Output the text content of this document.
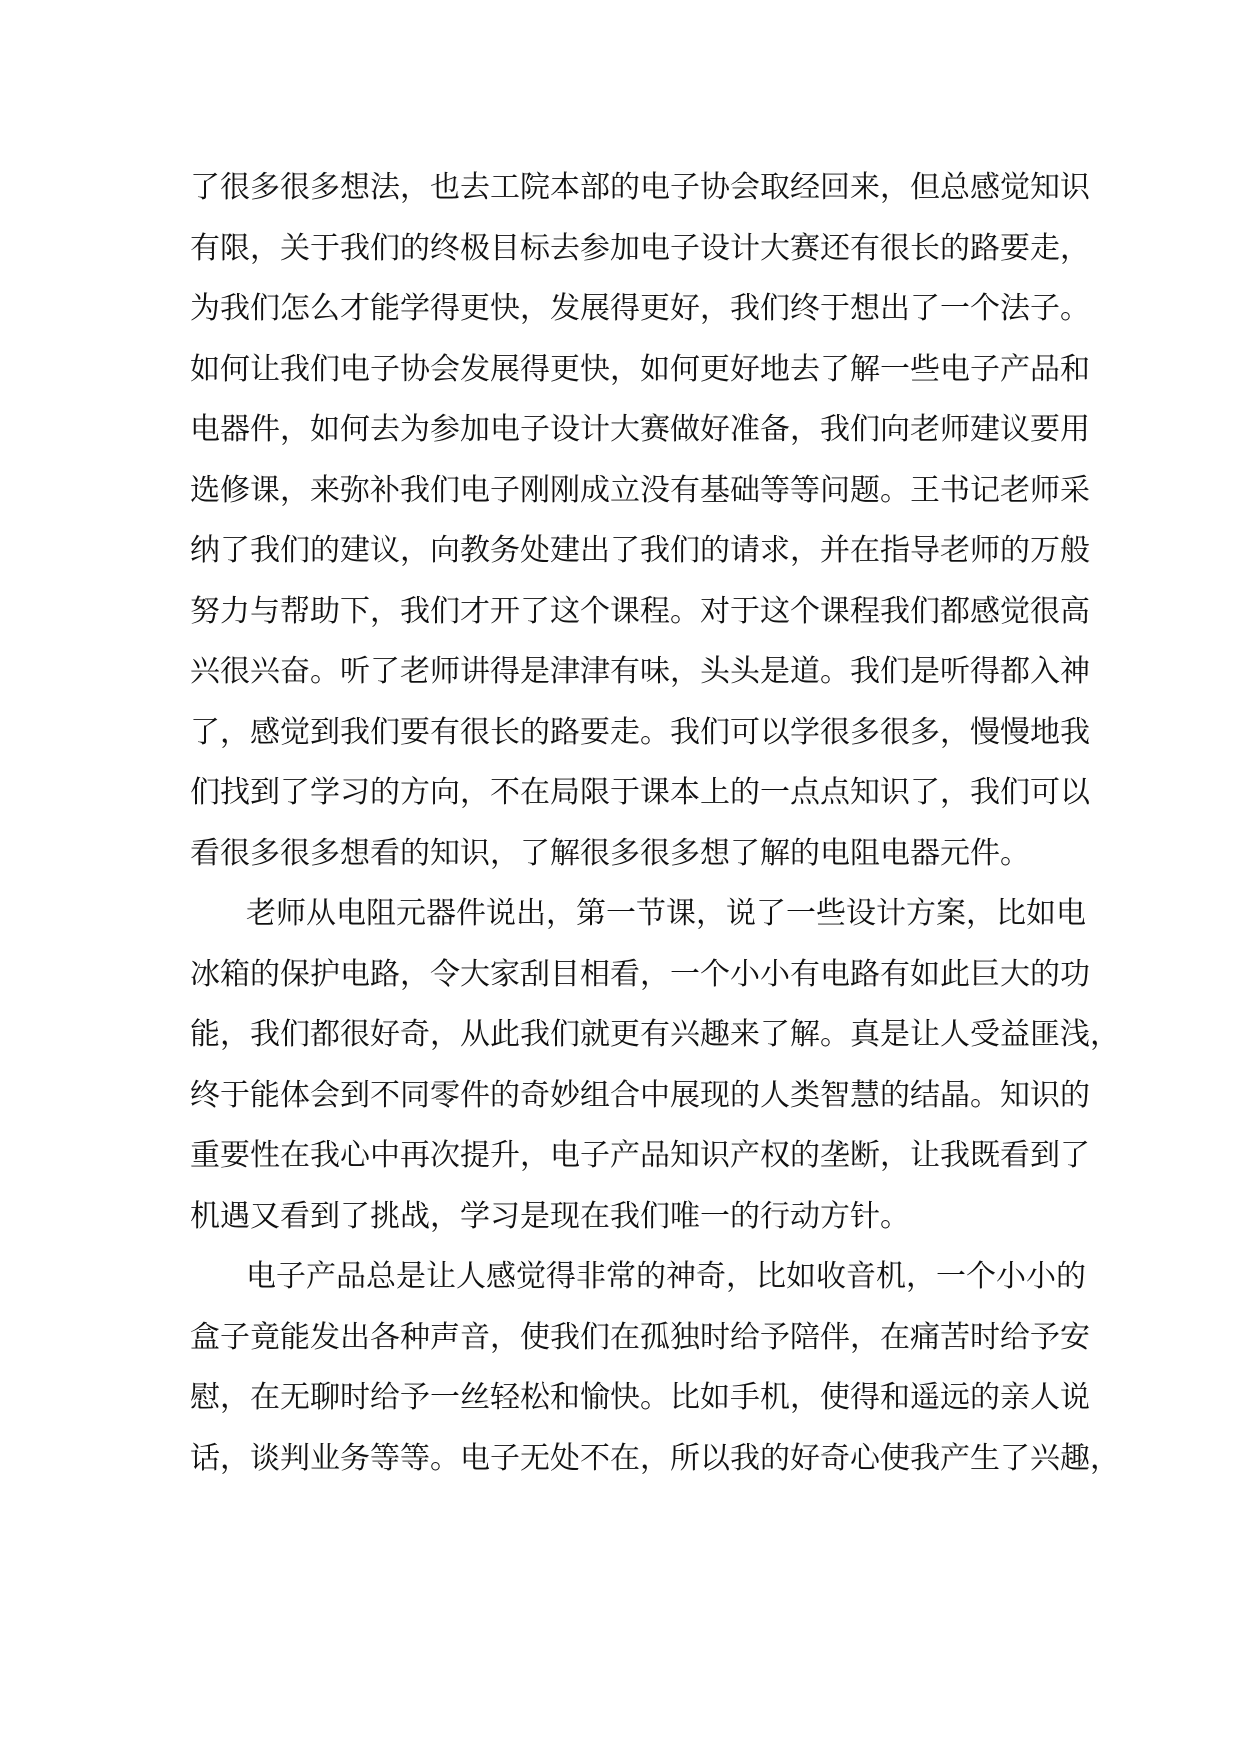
了很多很多想法，也去工院本部的电子协会取经回来，但总感觉知识
有限，关于我们的终极目标去参加电子设计大赛还有很长的路要走，
为我们怎么才能学得更快，发展得更好，我们终于想出了一个法子。
如何让我们电子协会发展得更快，如何更好地去了解一些电子产品和
电器件，如何去为参加电子设计大赛做好准备，我们向老师建议要用
选修课，来弥补我们电子刚刚成立没有基础等等问题。王书记老师采
纳了我们的建议，向教务处建出了我们的请求，并在指导老师的万般
努力与帮助下，我们才开了这个课程。对于这个课程我们都感觉很高
兴很兴奋。听了老师讲得是津津有味，头头是道。我们是听得都入神
了，感觉到我们要有很长的路要走。我们可以学很多很多，慢慢地我
们找到了学习的方向，不在局限于课本上的一点点知识了，我们可以
看很多很多想看的知识，了解很多很多想了解的电阻电器元件。
老师从电阻元器件说出，第一节课，说了一些设计方案，比如电
冰箱的保护电路，令大家刮目相看，一个小小有电路有如此巨大的功
能，我们都很好奇，从此我们就更有兴趣来了解。真是让人受益匪浅，
终于能体会到不同零件的奇妙组合中展现的人类智慧的结晶。知识的
重要性在我心中再次提升，电子产品知识产权的垄断，让我既看到了
机遇又看到了挑战，学习是现在我们唯一的行动方针。
电子产品总是让人感觉得非常的神奇，比如收音机，一个小小的
盒子竟能发出各种声音，使我们在孤独时给予陪伴，在痛苦时给予安
慰，在无聊时给予一丝轻松和愉快。比如手机，使得和遥远的亲人说
话，谈判业务等等。电子无处不在，所以我的好奇心使我产生了兴趣，
